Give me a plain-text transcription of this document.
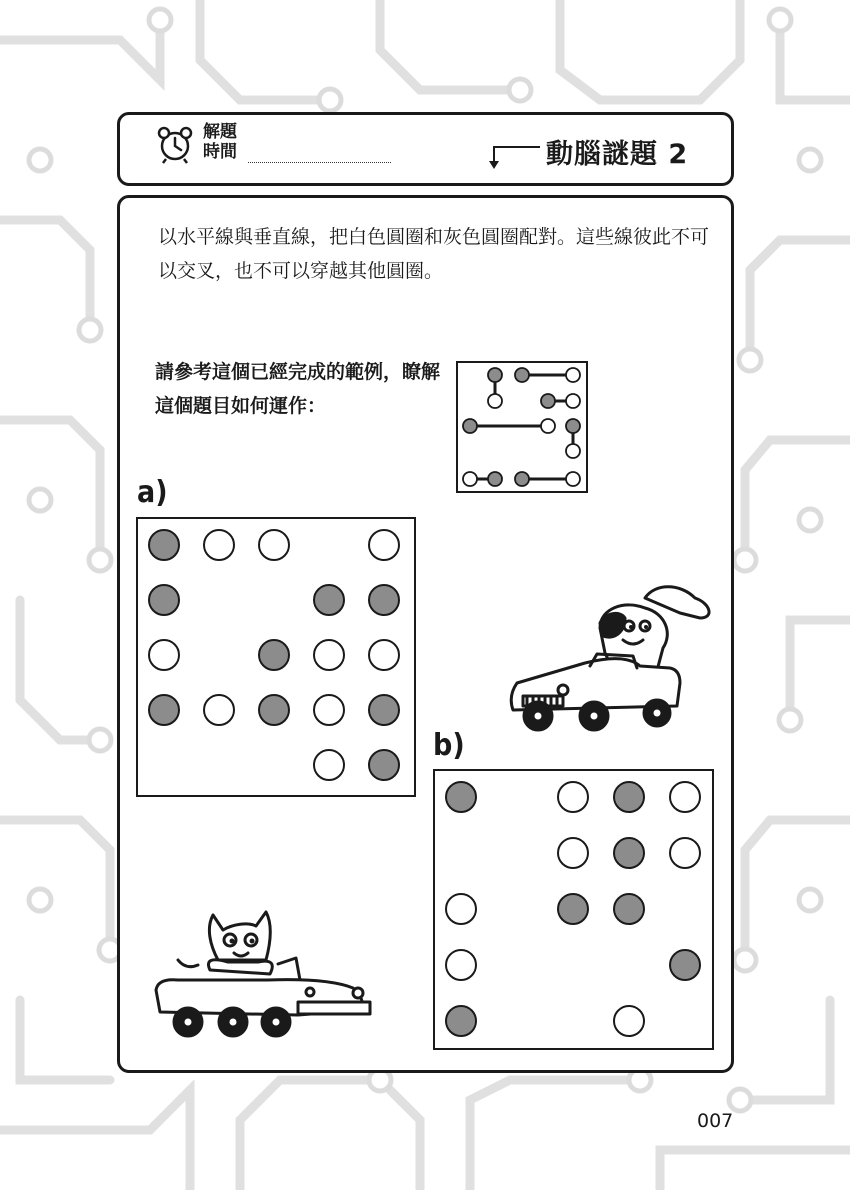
解題
時間	動腦謎題 2
以水平線與垂直線，把白色圓圈和灰色圓圈配對。這些線彼此不可以交叉，也不可以穿越其他圓圈。
請參考這個已經完成的範例，瞭解這個題目如何運作：
a)
b)
007
